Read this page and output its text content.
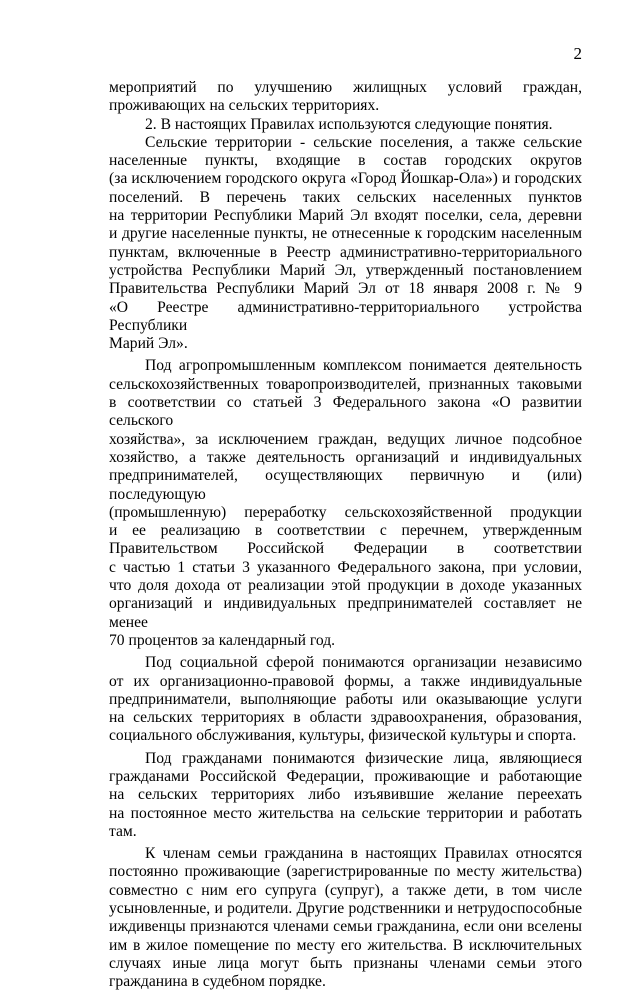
2
мероприятий по улучшению жилищных условий граждан,
проживающих на сельских территориях.
2. В настоящих Правилах используются следующие понятия.
Сельские территории - сельские поселения, а также сельские
населенные пункты, входящие в состав городских округов
(за исключением городского округа «Город Йошкар-Ола») и городских
поселений. В перечень таких сельских населенных пунктов
на территории Республики Марий Эл входят поселки, села, деревни
и другие населенные пункты, не отнесенные к городским населенным
пунктам, включенные в Реестр административно-территориального
устройства Республики Марий Эл, утвержденный постановлением
Правительства Республики Марий Эл от 18 января 2008 г. № 9
«О Реестре административно-территориального устройства Республики
Марий Эл».
Под агропромышленным комплексом понимается деятельность
сельскохозяйственных товаропроизводителей, признанных таковыми
в соответствии со статьей 3 Федерального закона «О развитии сельского
хозяйства», за исключением граждан, ведущих личное подсобное
хозяйство, а также деятельность организаций и индивидуальных
предпринимателей, осуществляющих первичную и (или) последующую
(промышленную) переработку сельскохозяйственной продукции
и ее реализацию в соответствии с перечнем, утвержденным
Правительством Российской Федерации в соответствии
с частью 1 статьи 3 указанного Федерального закона, при условии,
что доля дохода от реализации этой продукции в доходе указанных
организаций и индивидуальных предпринимателей составляет не менее
70 процентов за календарный год.
Под социальной сферой понимаются организации независимо
от их организационно-правовой формы, а также индивидуальные
предприниматели, выполняющие работы или оказывающие услуги
на сельских территориях в области здравоохранения, образования,
социального обслуживания, культуры, физической культуры и спорта.
Под гражданами понимаются физические лица, являющиеся
гражданами Российской Федерации, проживающие и работающие
на сельских территориях либо изъявившие желание переехать
на постоянное место жительства на сельские территории и работать там.
К членам семьи гражданина в настоящих Правилах относятся
постоянно проживающие (зарегистрированные по месту жительства)
совместно с ним его супруга (супруг), а также дети, в том числе
усыновленные, и родители. Другие родственники и нетрудоспособные
иждивенцы признаются членами семьи гражданина, если они вселены
им в жилое помещение по месту его жительства. В исключительных
случаях иные лица могут быть признаны членами семьи этого
гражданина в судебном порядке.
